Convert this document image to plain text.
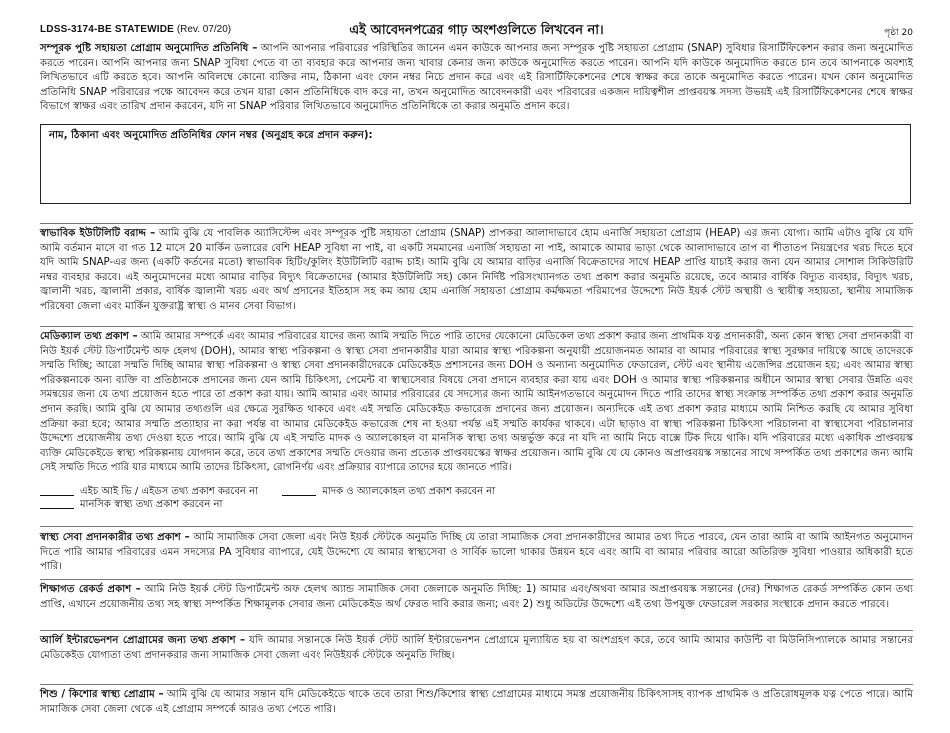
LDSS-3174-BE STATEWIDE (Rev. 07/20)	এই আবেদনপত্রের গাঢ় অংশগুলিতে লিখবেন না।	পৃষ্ঠা 20
সম্পূরক পুষ্টি সহায়তা প্রোগ্রাম অনুমোদিত প্রতিনিধি – আপনি আপনার পরিবারের পরিস্থিতির জানেন এমন কাউকে আপনার জন্য সম্পূরক পুষ্টি সহায়তা প্রোগ্রাম (SNAP) সুবিধার রিসার্টিফিকেশন করার জন্য অনুমোদিত করতে পারেন। আপনি আপনার জন্য SNAP সুবিধা পেতে বা তা ব্যবহার করে আপনার জন্য খাবার কেনার জন্য কাউকে অনুমোদিত করতে পারেন। আপনি যদি কাউকে অনুমোদিত করতে চান তবে আপনাকে অবশ্যই লিখিতভাবে এটি করতে হবে। আপনি অবিলম্বে কোনো ব্যক্তির নাম, ঠিকানা এবং ফোন নম্বর নিচে প্রদান করে এবং এই রিসার্টিফিকেশনের শেষে স্বাক্ষর করে তাকে অনুমোদিত করতে পারেন। যখন কোন অনুমোদিত প্রতিনিধি SNAP পরিবারের পক্ষে আবেদন করে তখন যারা কোন প্রতিনিধিকে বাদ করে না, তখন অনুমোদিত আবেদনকারী এবং পরিবারের একজন দায়িত্বশীল প্রাপ্তবয়স্ক সদস্য উভয়ই এই রিসার্টিফিকেশনের শেষে স্বাক্ষর বিভাগে স্বাক্ষর এবং তারিখ প্রদান করবেন, যদি না SNAP পরিবার লিখিতভাবে অনুমোদিত প্রতিনিধিকে তা করার অনুমতি প্রদান করে।
নাম, ঠিকানা এবং অনুমোদিত প্রতিনিধির ফোন নম্বর (অনুগ্রহ করে প্রদান করুন):
স্বাভাবিক ইউটিলিটি বরাদ্দ – আমি বুঝি যে পাবলিক অ্যাসিস্টেন্স এবং সম্পূরক পুষ্টি সহায়তা প্রোগ্রাম (SNAP) প্রাপকরা আলাদাভাবে হোম এনার্জি সহায়তা প্রোগ্রাম (HEAP) এর জন্য যোগ্য। আমি এটাও বুঝি যে যদি আমি বর্তমান মাসে বা গত 12 মাসে 20 মার্কিন ডলারের বেশি HEAP সুবিধা না পাই, বা একটি সমমানের এনার্জি সহায়তা না পাই, আমাকে আমার ভাড়া থেকে আলাদাভাবে তাপ বা শীতাতপ নিয়ন্ত্রণের খরচ দিতে হবে যদি আমি SNAP-এর জন্য (একটি কর্তনের মতো) স্বাভাবিক হিটিং/কুলিং ইউটিলিটি বরাদ্দ চাই। আমি বুঝি যে আমার বাড়ির এনার্জি বিক্রেতাদের সাথে HEAP প্রাপ্তি যাচাই করার জন্য যেন আমার সোশাল সিকিউরিটি নম্বর ব্যবহার করবে। এই অনুমোদনের মধ্যে আমার বাড়ির বিদ্যুৎ বিক্রেতাদের (আমার ইউটিলিটি সহ) কোন নির্দিষ্ট পরিসংখ্যানগত তথ্য প্রকাশ করার অনুমতি রয়েছে, তবে আমার বার্ষিক বিদ্যুত ব্যবহার, বিদ্যুৎ খরচ, জ্বালানী খরচ, জ্বালানী প্রকার, বার্ষিক জ্বালানী খরচ এবং অর্থ প্রদানের ইতিহাস সহ কম আয় হোম এনার্জি সহায়তা প্রোগ্রাম কর্মক্ষমতা পরিমাপের উদ্দেশ্যে নিউ ইয়র্ক স্টেট অস্থায়ী ও স্থায়ীত্ব সহায়তা, স্থানীয় সামাজিক পরিষেবা জেলা এবং মার্কিন যুক্তরাষ্ট্র স্বাস্থ্য ও মানব সেবা বিভাগ।
মেডিক্যাল তথ্য প্রকাশ – আমি আমার সম্পর্কে এবং আমার পরিবারের যাদের জন্য আমি সম্মতি দিতে পারি তাদের যেকোনো মেডিকেল তথ্য প্রকাশ করার জন্য প্রাথমিক যত্ন প্রদানকারী, অন্য কোন স্বাস্থ্য সেবা প্রদানকারী বা নিউ ইয়র্ক স্টেট ডিপার্টমেন্ট অফ হেলথ (DOH), আমার স্বাস্থ্য পরিকল্পনা ও স্বাস্থ্য সেবা প্রদানকারীর যারা আমার স্বাস্থ্য পরিকল্পনা অনুযায়ী প্রয়োজনমত আমার বা আমার পরিবারের স্বাস্থ্য সুরক্ষার দায়িত্বে আছে তাদেরকে সম্মতি দিচ্ছি; আরো সম্মতি দিচ্ছি আমার স্বাস্থ্য পরিকল্পনা ও স্বাস্থ্য সেবা প্রদানকারীদেরকে মেডিকেইড প্রশাসনের জন্য DOH ও অন্যান্য অনুমোদিত ফেডারেল, স্টেট এবং স্থানীয় এজেন্সির প্রয়োজন হয়; এবং আমার স্বাস্থ্য পরিকল্পনাকে অন্য ব্যক্তি বা প্রতিষ্ঠানকে প্রদানের জন্য যেন আমি চিকিৎসা, পেমেন্ট বা স্বাস্থ্যসেবার বিষয়ে সেবা প্রদানে ব্যবহার করা যায় এবং DOH ও আমার স্বাস্থ্য পরিকল্পনার অধীনে আমার স্বাস্থ্য সেবার উন্নতি এবং সমন্বয়ের জন্য যে তথ্য প্রয়োজন হতে পারে তা প্রকাশ করা যায়। আমি আমার এবং আমার পরিবারের যে সদস্যের জন্য আমি আইনগতভাবে অনুমোদন দিতে পারি তাদের স্বাস্থ্য সংক্রান্ত সম্পর্কিত তথ্য প্রকাশ করার অনুমতি প্রদান করছি। আমি বুঝি যে আমার তথ্যগুলি এর ক্ষেত্রে সুরক্ষিত থাকবে এবং এই সম্মতি মেডিকেইড কভারেজ প্রদানের জন্য প্রয়োজন। অন্যদিকে এই তথ্য প্রকাশ করার মাধ্যমে আমি নিশ্চিত করছি যে আমার সুবিধা প্রক্রিয়া করা হবে; আমার সম্মতি প্রত্যাহার না করা পর্যন্ত বা আমার মেডিকেইড কভারেজ শেষ না হওয়া পর্যন্ত এই সম্মতি কার্যকর থাকবে। এটা ছাড়াও বা স্বাস্থ্য পরিকল্পনা চিকিৎসা পরিচালনা বা স্বাস্থ্যসেবা পরিচালনার উদ্দেশ্যে প্রয়োজনীয় তথ্য দেওয়া হতে পারে। আমি বুঝি যে এই সম্মতি মাদক ও অ্যালকোহল বা মানসিক স্বাস্থ্য তথ্য অন্তর্ভুক্ত করে না যদি না আমি নিচে বাক্সে টিক দিয়ে থাকি। যদি পরিবারের মধ্যে একাধিক প্রাপ্তবয়স্ক ব্যক্তি মেডিকেইডে স্বাস্থ্য পরিকল্পনায় যোগদান করে, তবে তথ্য প্রকাশের সম্মতি দেওয়ার জন্য প্রত্যেক প্রাপ্তবয়স্কের স্বাক্ষর প্রয়োজন। আমি বুঝি যে যে কোনও অপ্রাপ্তবয়স্ক সন্তানের সাথে সম্পর্কিত তথ্য প্রকাশের জন্য আমি সেই সম্মতি দিতে পারি যার মাধ্যমে আমি তাদের চিকিৎসা, রোগনির্ণয় এবং প্রক্রিয়ার ব্যাপারে তাদের হয়ে জানতে পারি।
এইচ আই ভি / এইডস তথ্য প্রকাশ করবেন না	মাদক ও অ্যালকোহল তথ্য প্রকাশ করবেন না
মানসিক স্বাস্থ্য তথ্য প্রকাশ করবেন না
স্বাস্থ্য সেবা প্রদানকারীর তথ্য প্রকাশ – আমি সামাজিক সেবা জেলা এবং নিউ ইয়র্ক স্টেটকে অনুমতি দিচ্ছি যে তারা সামাজিক সেবা প্রদানকারীদের আমার তথ্য দিতে পারবে, যেন তারা আমি বা আমি আইনগত অনুমোদন দিতে পারি আমার পরিবারের এমন সদস্যের PA সুবিধার ব্যাপারে, যেই উদ্দেশ্যে যে আমার স্বাস্থ্যসেবা ও সার্বিক ভালো থাকার উন্নয়ন হবে এবং আমি বা আমার পরিবার আরো অতিরিক্ত সুবিধা পাওয়ার অধিকারী হতে পারি।
শিক্ষাগত রেকর্ড প্রকাশ – আমি নিউ ইয়র্ক স্টেট ডিপার্টমেন্ট অফ হেলথ অ্যান্ড সামাজিক সেবা জেলাকে অনুমতি দিচ্ছি: 1) আমার এবং/অথবা আমার অপ্রাপ্তবয়স্ক সন্তানের (দের) শিক্ষাগত রেকর্ড সম্পর্কিত কোন তথ্য প্রাপ্তি, এখানে প্রয়োজনীয় তথ্য সহ স্বাস্থ্য সম্পর্কিত শিক্ষামূলক সেবার জন্য মেডিকেইড অর্থ ফেরত দাবি করার জন্য; এবং 2) শুধু অডিটের উদ্দেশ্যে এই তথ্য উপযুক্ত ফেডারেল সরকার সংস্থাকে প্রদান করতে পারবে।
আর্লি ইন্টারভেনশন প্রোগ্রামের জন্য তথ্য প্রকাশ – যদি আমার সন্তানকে নিউ ইয়র্ক স্টেট আর্লি ইন্টারভেনশন প্রোগ্রামে মূল্যায়িত হয় বা অংশগ্রহণ করে, তবে আমি আমার কাউন্টি বা মিউনিসিপ্যালকে আমার সন্তানের মেডিকেইড যোগ্যতা তথ্য প্রদানকরার জন্য সামাজিক সেবা জেলা এবং নিউইয়র্ক স্টেটকে অনুমতি দিচ্ছি।
শিশু / কিশোর স্বাস্থ্য প্রোগ্রাম – আমি বুঝি যে আমার সন্তান যদি মেডিকেইডে থাকে তবে তারা শিশু/কিশোর স্বাস্থ্য প্রোগ্রামের মাধ্যমে সমস্ত প্রয়োজনীয় চিকিৎসাসহ ব্যাপক প্রাথমিক ও প্রতিরোধমূলক যত্ন পেতে পারে। আমি সামাজিক সেবা জেলা থেকে এই প্রোগ্রাম সম্পর্কে আরও তথ্য পেতে পারি।
